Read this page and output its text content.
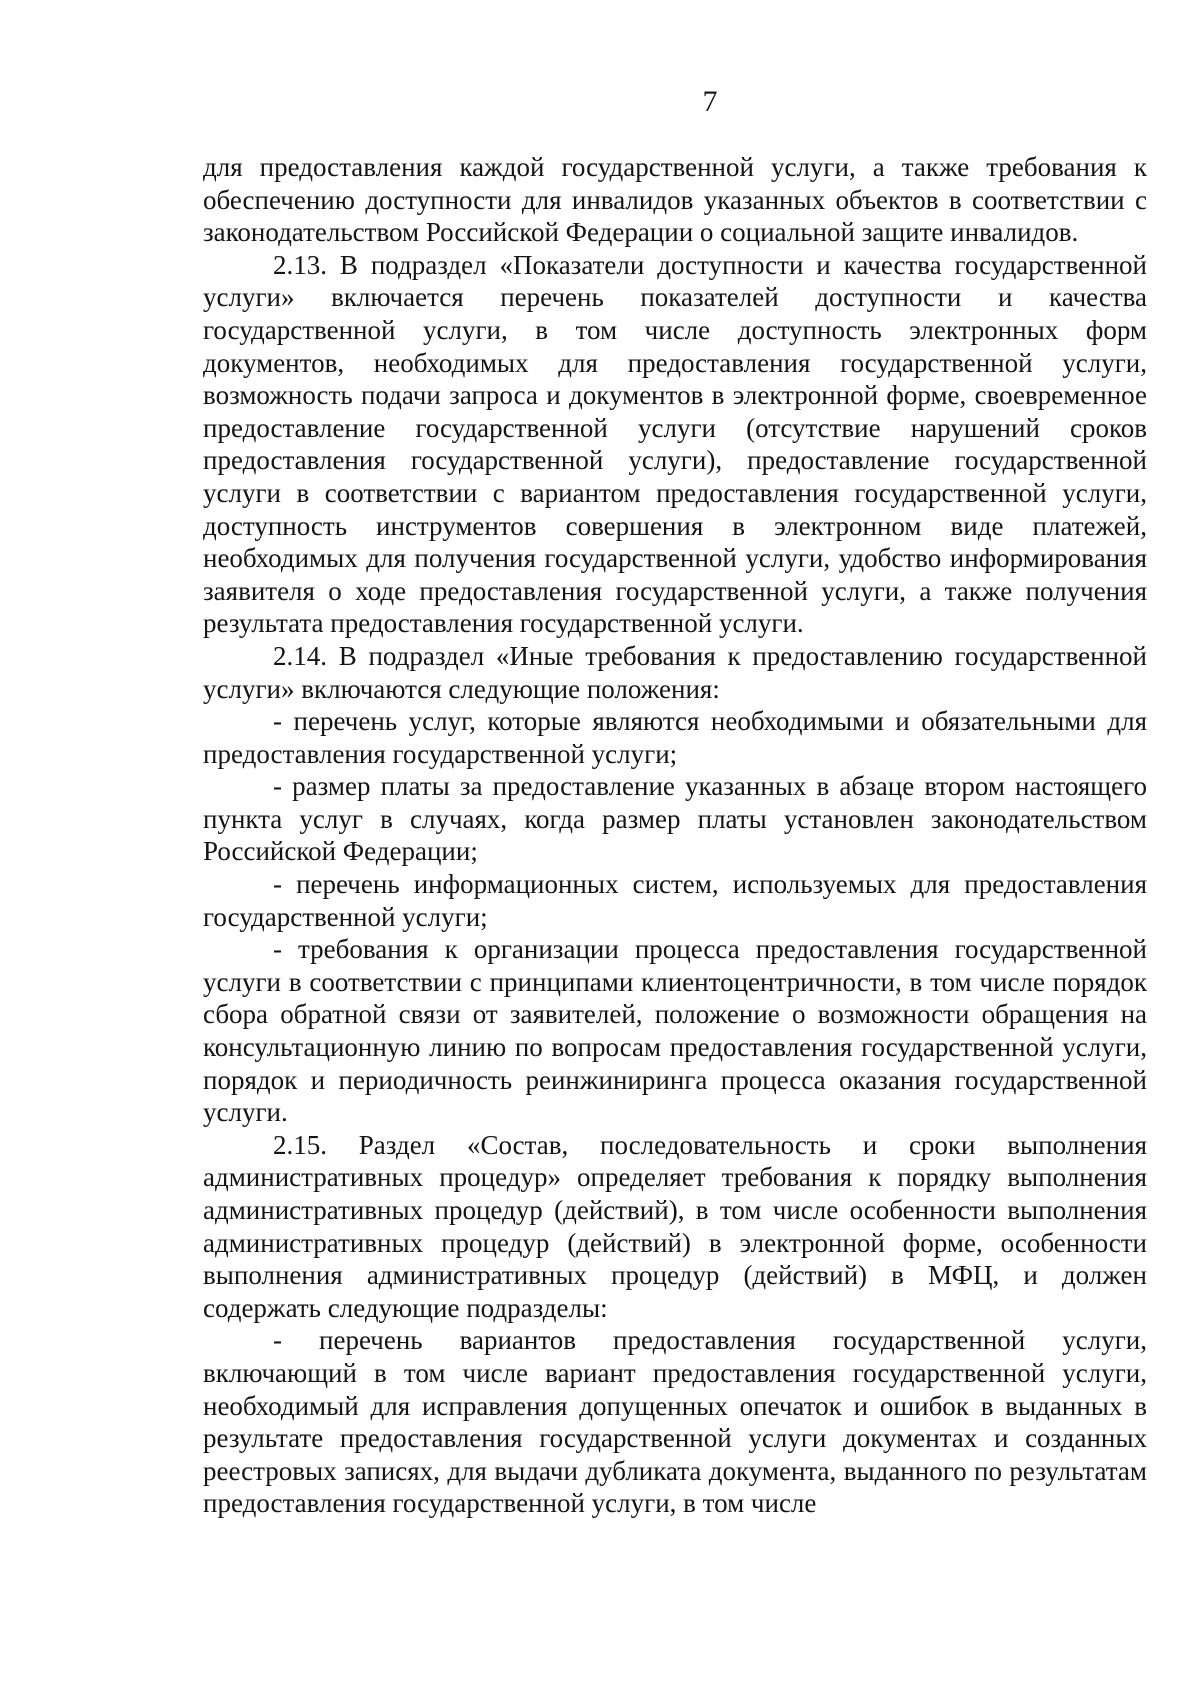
7

для предоставления каждой государственной услуги, а также требования к обеспечению доступности для инвалидов указанных объектов в соответствии с законодательством Российской Федерации о социальной защите инвалидов.

2.13. В подраздел «Показатели доступности и качества государственной услуги» включается перечень показателей доступности и качества государственной услуги, в том числе доступность электронных форм документов, необходимых для предоставления государственной услуги, возможность подачи запроса и документов в электронной форме, своевременное предоставление государственной услуги (отсутствие нарушений сроков предоставления государственной услуги), предоставление государственной услуги в соответствии с вариантом предоставления государственной услуги, доступность инструментов совершения в электронном виде платежей, необходимых для получения государственной услуги, удобство информирования заявителя о ходе предоставления государственной услуги, а также получения результата предоставления государственной услуги.

2.14. В подраздел «Иные требования к предоставлению государственной услуги» включаются следующие положения:

- перечень услуг, которые являются необходимыми и обязательными для предоставления государственной услуги;

- размер платы за предоставление указанных в абзаце втором настоящего пункта услуг в случаях, когда размер платы установлен законодательством Российской Федерации;

- перечень информационных систем, используемых для предоставления государственной услуги;

- требования к организации процесса предоставления государственной услуги в соответствии с принципами клиентоцентричности, в том числе порядок сбора обратной связи от заявителей, положение о возможности обращения на консультационную линию по вопросам предоставления государственной услуги, порядок и периодичность реинжиниринга процесса оказания государственной услуги.

2.15. Раздел «Состав, последовательность и сроки выполнения административных процедур» определяет требования к порядку выполнения административных процедур (действий), в том числе особенности выполнения административных процедур (действий) в электронной форме, особенности выполнения административных процедур (действий) в МФЦ, и должен содержать следующие подразделы:

- перечень вариантов предоставления государственной услуги, включающий в том числе вариант предоставления государственной услуги, необходимый для исправления допущенных опечаток и ошибок в выданных в результате предоставления государственной услуги документах и созданных реестровых записях, для выдачи дубликата документа, выданного по результатам предоставления государственной услуги, в том числе
